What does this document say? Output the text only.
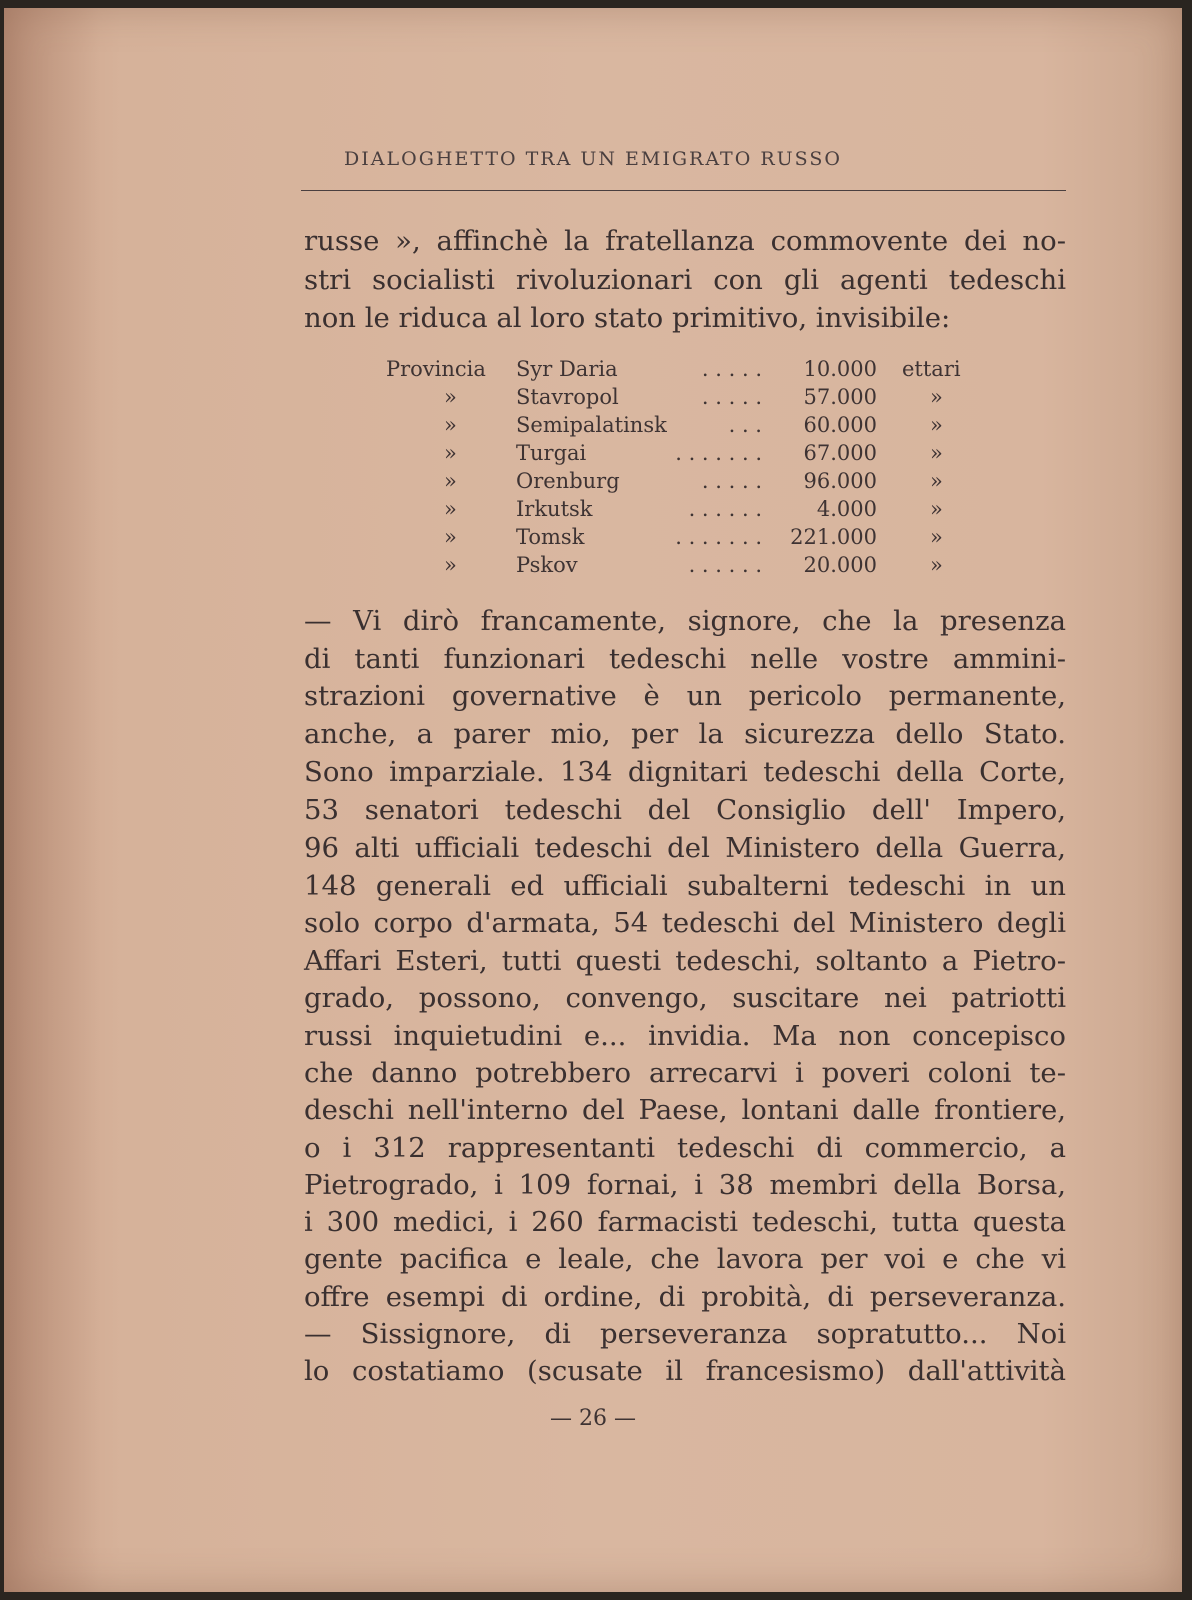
DIALOGHETTO TRA UN EMIGRATO RUSSO
russe », affinchè la fratellanza commovente dei no-
stri socialisti rivoluzionari con gli agenti tedeschi
non le riduca al loro stato primitivo, invisibile:
Provincia Syr Daria	. . . . . 10.000 ettari
»	Stavropol	. . . . . 57.000	»
»	Semipalatinsk	. . . 60.000	»
»	Turgai	. . . . . . . 67.000	»
»	Orenburg	. . . . . 96.000	»
»	Irkutsk	. . . . . .	4.000	»
»	Tomsk	. . . . . . . 221.000	»
»	Pskov	. . . . . . 20.000	»
— Vi dirò francamente, signore, che la presenza
di tanti funzionari tedeschi nelle vostre ammini-
strazioni governative è un pericolo permanente,
anche, a parer mio, per la sicurezza dello Stato.
Sono imparziale. 134 dignitari tedeschi della Corte,
53 senatori tedeschi del Consiglio dell' Impero,
96 alti ufficiali tedeschi del Ministero della Guerra,
148 generali ed ufficiali subalterni tedeschi in un
solo corpo d'armata, 54 tedeschi del Ministero degli
Affari Esteri, tutti questi tedeschi, soltanto a Pietro-
grado, possono, convengo, suscitare nei patriotti
russi inquietudini e... invidia. Ma non concepisco
che danno potrebbero arrecarvi i poveri coloni te-
deschi nell'interno del Paese, lontani dalle frontiere,
o i 312 rappresentanti tedeschi di commercio, a
Pietrogrado, i 109 fornai, i 38 membri della Borsa,
i 300 medici, i 260 farmacisti tedeschi, tutta questa
gente pacifica e leale, che lavora per voi e che vi
offre esempi di ordine, di probità, di perseveranza.
— Sissignore, di perseveranza sopratutto... Noi
lo costatiamo (scusate il francesismo) dall'attività
— 26 —
